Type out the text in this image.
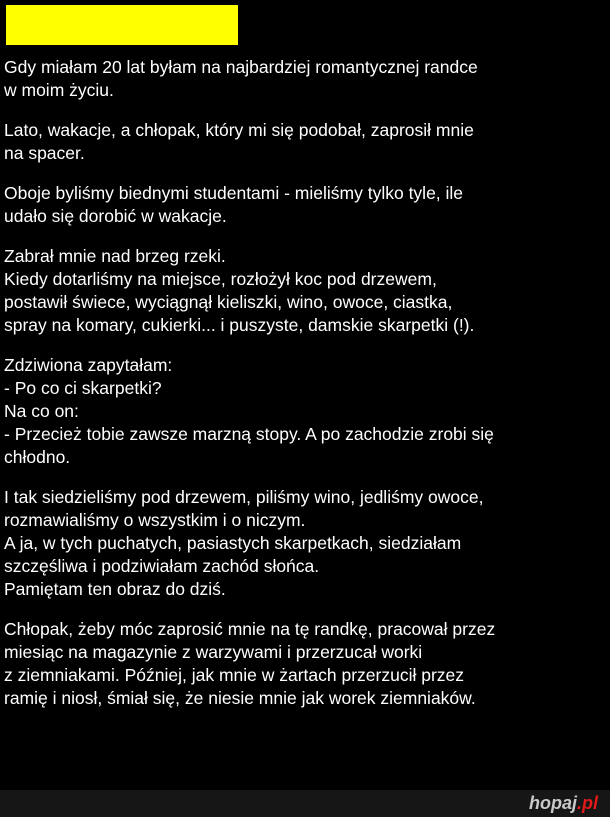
Gdy miałam 20 lat byłam na najbardziej romantycznej randce
w moim życiu.
Lato, wakacje, a chłopak, który mi się podobał, zaprosił mnie
na spacer.
Oboje byliśmy biednymi studentami - mieliśmy tylko tyle, ile
udało się dorobić w wakacje.
Zabrał mnie nad brzeg rzeki.
Kiedy dotarliśmy na miejsce, rozłożył koc pod drzewem,
postawił świece, wyciągnął kieliszki, wino, owoce, ciastka,
spray na komary, cukierki... i puszyste, damskie skarpetki (!).
Zdziwiona zapytałam:
- Po co ci skarpetki?
Na co on:
- Przecież tobie zawsze marzną stopy. A po zachodzie zrobi się
chłodno.
I tak siedzieliśmy pod drzewem, piliśmy wino, jedliśmy owoce,
rozmawialiśmy o wszystkim i o niczym.
A ja, w tych puchatych, pasiastych skarpetkach, siedziałam
szczęśliwa i podziwiałam zachód słońca.
Pamiętam ten obraz do dziś.
Chłopak, żeby móc zaprosić mnie na tę randkę, pracował przez
miesiąc na magazynie z warzywami i przerzucał worki
z ziemniakami. Później, jak mnie w żartach przerzucił przez
ramię i niosł, śmiał się, że niesie mnie jak worek ziemniaków.
hopaj .pl
